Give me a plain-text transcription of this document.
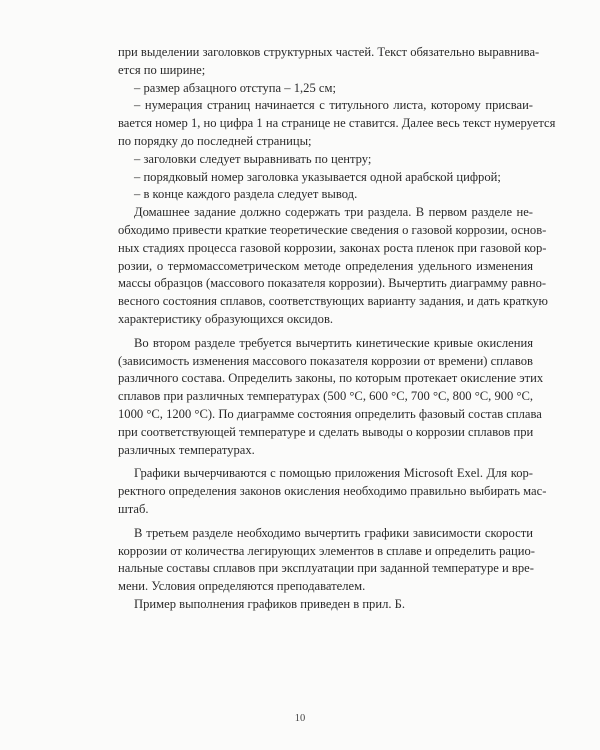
при выделении заголовков структурных частей. Текст обязательно выравнива-
ется по ширине;
– размер абзацного отступа – 1,25 см;
– нумерация страниц начинается с титульного листа, которому присваи-
вается номер 1, но цифра 1 на странице не ставится. Далее весь текст нумеруется
по порядку до последней страницы;
– заголовки следует выравнивать по центру;
– порядковый номер заголовка указывается одной арабской цифрой;
– в конце каждого раздела следует вывод.
Домашнее задание должно содержать три раздела. В первом разделе не-
обходимо привести краткие теоретические сведения о газовой коррозии, основ-
ных стадиях процесса газовой коррозии, законах роста пленок при газовой кор-
розии, о термомассометрическом методе определения удельного изменения
массы образцов (массового показателя коррозии). Вычертить диаграмму равно-
весного состояния сплавов, соответствующих варианту задания, и дать краткую
характеристику образующихся оксидов.
Во втором разделе требуется вычертить кинетические кривые окисления
(зависимость изменения массового показателя коррозии от времени) сплавов
различного состава. Определить законы, по которым протекает окисление этих
сплавов при различных температурах (500 °C, 600 °C, 700 °C, 800 °C, 900 °C,
1000 °C, 1200 °C). По диаграмме состояния определить фазовый состав сплава
при соответствующей температуре и сделать выводы о коррозии сплавов при
различных температурах.
Графики вычерчиваются с помощью приложения Microsoft Exel. Для кор-
ректного определения законов окисления необходимо правильно выбирать мас-
штаб.
В третьем разделе необходимо вычертить графики зависимости скорости
коррозии от количества легирующих элементов в сплаве и определить рацио-
нальные составы сплавов при эксплуатации при заданной температуре и вре-
мени. Условия определяются преподавателем.
Пример выполнения графиков приведен в прил. Б.
10
